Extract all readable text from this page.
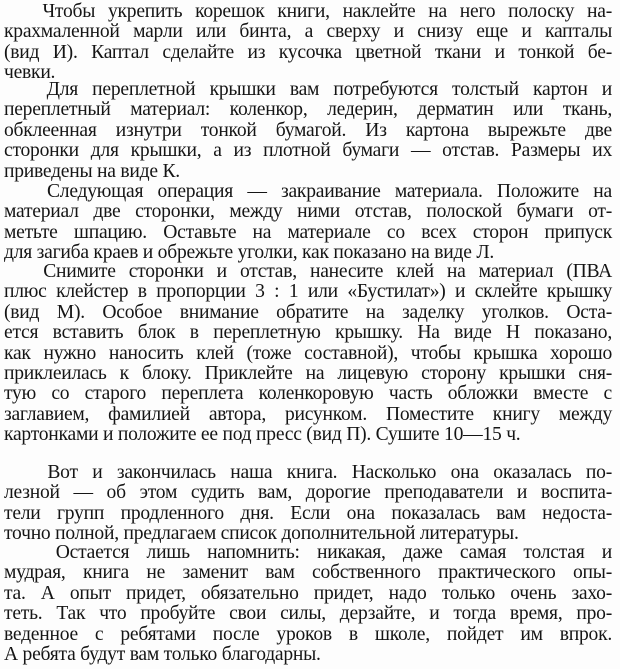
Чтобы укрепить корешок книги, наклейте на него полоску на-
крахмаленной марли или бинта, а сверху и снизу еще и капталы
(вид И). Каптал сделайте из кусочка цветной ткани и тонкой бе-
чевки.
Для переплетной крышки вам потребуются толстый картон и
переплетный материал: коленкор, ледерин, дерматин или ткань,
обклеенная изнутри тонкой бумагой. Из картона вырежьте две
сторонки для крышки, а из плотной бумаги — отстав. Размеры их
приведены на виде К.
Следующая операция — закраивание материала. Положите на
материал две сторонки, между ними отстав, полоской бумаги от-
метьте шпацию. Оставьте на материале со всех сторон припуск
для загиба краев и обрежьте уголки, как показано на виде Л.
Снимите сторонки и отстав, нанесите клей на материал (ПВА
плюс клейстер в пропорции 3 : 1 или «Бустилат») и склейте крышку
(вид М). Особое внимание обратите на заделку уголков. Оста-
ется вставить блок в переплетную крышку. На виде Н показано,
как нужно наносить клей (тоже составной), чтобы крышка хорошо
приклеилась к блоку. Приклейте на лицевую сторону крышки сня-
тую со старого переплета коленкоровую часть обложки вместе с
заглавием, фамилией автора, рисунком. Поместите книгу между
картонками и положите ее под пресс (вид П). Сушите 10—15 ч.
Вот и закончилась наша книга. Насколько она оказалась по-
лезной — об этом судить вам, дорогие преподаватели и воспита-
тели групп продленного дня. Если она показалась вам недоста-
точно полной, предлагаем список дополнительной литературы.
Остается лишь напомнить: никакая, даже самая толстая и
мудрая, книга не заменит вам собственного практического опы-
та. А опыт придет, обязательно придет, надо только очень захо-
теть. Так что пробуйте свои силы, дерзайте, и тогда время, про-
веденное с ребятами после уроков в школе, пойдет им впрок.
А ребята будут вам только благодарны.
